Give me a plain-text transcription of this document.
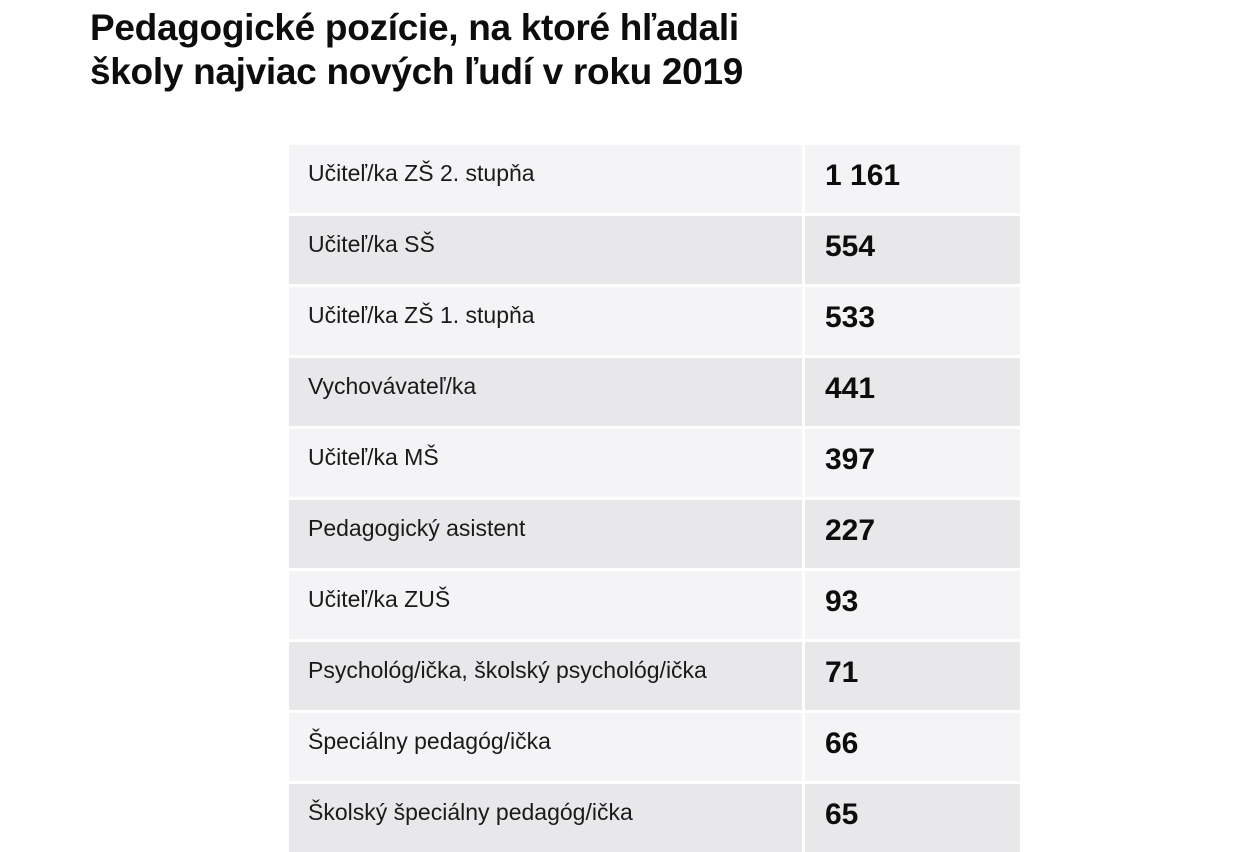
Pedagogické pozície, na ktoré hľadali
školy najviac nových ľudí v roku 2019
Učiteľ/ka ZŠ 2. stupňa	1 161
Učiteľ/ka SŠ	554
Učiteľ/ka ZŠ 1. stupňa	533
Vychovávateľ/ka	441
Učiteľ/ka MŠ	397
Pedagogický asistent	227
Učiteľ/ka ZUŠ	93
Psychológ/ička, školský psychológ/ička	71
Špeciálny pedagóg/ička	66
Školský špeciálny pedagóg/ička	65
